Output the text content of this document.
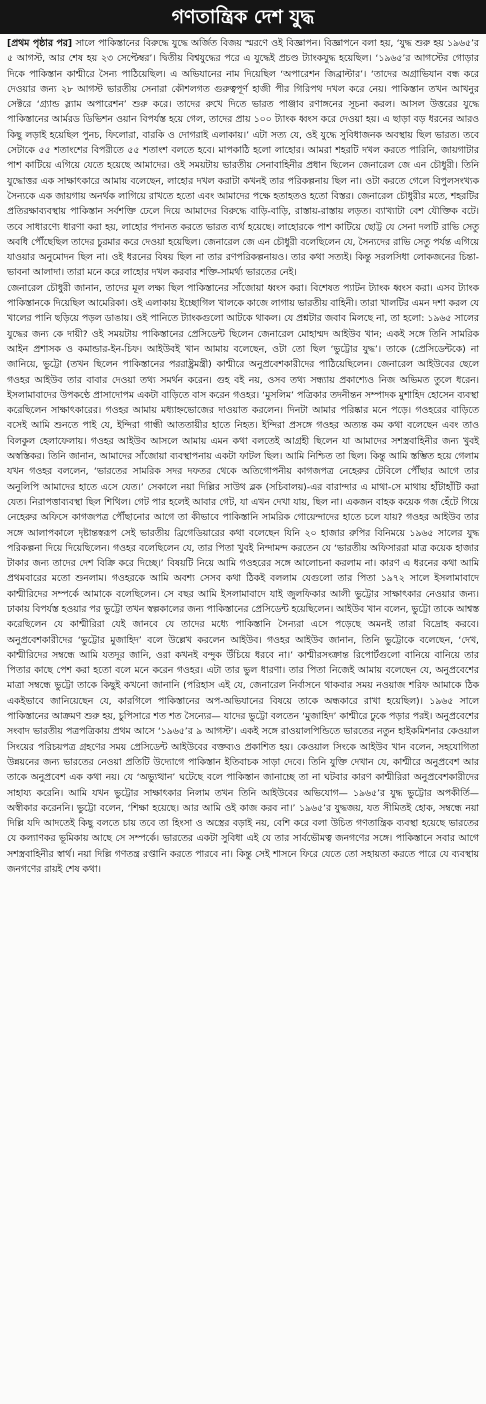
গণতান্ত্রিক দেশ যুদ্ধ

[প্রথম পৃষ্ঠার পর] সালে পাকিস্তানের বিরুদ্ধে যুদ্ধে অর্জিত বিজয় স্মরণে ওই বিজ্ঞাপন। বিজ্ঞাপনে বলা হয়, ‘যুদ্ধ শুরু হয় ১৯৬৫’র ৫ আগস্ট, আর শেষ হয় ২৩ সেপ্টেম্বর’। দ্বিতীয় বিশ্বযুদ্ধের পরে এ যুদ্ধেই প্রচণ্ড ট্যাংকযুদ্ধ হয়েছিল। ‘১৯৬৫’র আগস্টের গোড়ার দিকে পাকিস্তান কাশ্মীরে সৈন্য পাঠিয়েছিল। এ অভিযানের নাম দিয়েছিল ‘অপারেশন জিব্রাল্টার’। ‘তাদের অগ্রাভিযান বন্ধ করে দেওয়ার জন্য ২৮ আগস্ট ভারতীয় সেনারা কৌশলগত গুরুত্বপূর্ণ হাজী পীর গিরিপথ দখল করে নেয়। পাকিস্তান তখন আখনুর সেক্টরে ‘গ্র্যান্ড স্ল্যাম অপারেশন’ শুরু করে। তাদের রুখে দিতে ভারত পাঞ্জাব রণাঙ্গনের সূচনা করল। আসল উত্তরের যুদ্ধে পাকিস্তানের আর্মরড ডিভিশন ওয়ান বিপর্যস্ত হয়ে গেল, তাদের প্রায় ১০০ ট্যাংক ধ্বংস করে দেওয়া হয়। এ ছাড়া বড় ধরনের আরও কিছু লড়াই হয়েছিল পুনচ, ফিলোরা, বারকি ও দোগরাই এলাকায়।’ এটা সত্য যে, ওই যুদ্ধে সুবিধাজনক অবস্থায় ছিল ভারত। তবে সেটাকে ৫৫ শতাংশের বিপরীতে ৫৫ শতাংশ বলতে হবে। মাপকাঠি হলো লাহোর। আমরা শহরটি দখল করতে পারিনি, জায়গাটার পাশ কাটিয়ে এগিয়ে যেতে হয়েছে আমাদের। ওই সময়টায় ভারতীয় সেনাবাহিনীর প্রধান ছিলেন জেনারেল জে এন চৌধুরী। তিনি যুদ্ধোত্তর এক সাক্ষাৎকারে আমায় বলেছেন, লাহোর দখল করাটা কখনই তার পরিকল্পনায় ছিল না। ওটা করতে গেলে বিপুলসংখ্যক সৈন্যকে এক জায়গায় অনর্থক লাগিয়ে রাখতে হতো এবং আমাদের পক্ষে হতাহতও হতো বিস্তর। জেনারেল চৌধুরীর মতে, শহরটির প্রতিরক্ষাব্যবস্থায় পাকিস্তান সর্বশক্তি ঢেলে দিয়ে আমাদের বিরুদ্ধে বাড়ি-বাড়ি, রাস্তায়-রাস্তায় লড়ত। ব্যাখ্যাটা বেশ যৌক্তিক বটে। তবে সাধারণ্যে ধারণা করা হয়, লাহোর পদানত করতে ভারত ব্যর্থ হয়েছে। লাহোরকে পাশ কাটিয়ে ছোট্ট যে সেনা দলটি রাভি সেতু অবধি পৌঁছেছিল তাদের চুরমার করে দেওয়া হয়েছিল। জেনারেল জে এন চৌধুরী বলেছিলেন যে, সৈন্যদের রাভি সেতু পর্যন্ত এগিয়ে যাওয়ার অনুমোদন ছিল না। ওই ধরনের বিষয় ছিল না তার রণপরিকল্পনায়ও। তার কথা সত্যই। কিন্তু সরলসিধা লোকজনের চিন্তা-ভাবনা আলাদা। তারা মনে করে লাহোর দখল করবার শক্তি-সামর্থ্য ভারতের নেই।

জেনারেল চৌধুরী জানান, তাদের মূল লক্ষ্য ছিল পাকিস্তানের সাঁজোয়া ধ্বংস করা। বিশেষত প্যাটন ট্যাংক ধ্বংস করা। এসব ট্যাংক পাকিস্তানকে দিয়েছিল আমেরিকা। ওই এলাকায় ইচ্ছোগিল খালকে কাজে লাগায় ভারতীয় বাহিনী। তারা খালটির এমন দশা করল যে খালের পানি ছড়িয়ে পড়ল ডাঙায়। ওই পানিতে ট্যাংকগুলো আটকে থাকল। যে প্রশ্নটার জবাব মিলছে না, তা হলো: ১৯৬৫ সালের যুদ্ধের জন্য কে দায়ী? ওই সময়টায় পাকিস্তানের প্রেসিডেন্ট ছিলেন জেনারেল মোহাম্মদ আইউব খান; একই সঙ্গে তিনি সামরিক আইন প্রশাসক ও কমান্ডার-ইন-চিফ। আইউবই খান আমায় বলেছেন, ওটা তো ছিল ‘ভুট্টোর যুদ্ধ’। তাকে (প্রেসিডেন্টকে) না জানিয়ে, ভুট্টো (তখন ছিলেন পাকিস্তানের পররাষ্ট্রমন্ত্রী) কাশ্মীরে অনুপ্রবেশকারীদের পাঠিয়েছিলেন। জেনারেল আইউবের ছেলে গওহর আইউব তার বাবার দেওয়া তথ্য সমর্থন করেন। গুহ বই নয়, ওসব তথ্য সন্ধ্যায় প্রকাশ্যেও নিজ অভিমত তুলে ধরেন। ইসলামাবাদের উপকণ্ঠে প্রাসাদোপম একটা বাড়িতে বাস করেন গওহর। ‘মুসলিম’ পত্রিকার তদনীন্তন সম্পাদক মুশাহিদ হোসেন ব্যবস্থা করেছিলেন সাক্ষাৎকারের। গওহর আমায় মধ্যাহ্নভোজের দাওয়াত করলেন। দিনটা আমার পরিষ্কার মনে পড়ে। গওহরের বাড়িতে বসেই আমি শুনতে পাই যে, ইন্দিরা গান্ধী আততায়ীর হাতে নিহত। ইন্দিরা প্রসঙ্গে গওহর অত্যন্ত কম কথা বলেছেন এবং তাও বিলকুল হেলাফেলায়। গওহর আইউব আসলে আমায় এমন কথা বলতেই আগ্রহী ছিলেন যা আমাদের সশস্ত্রবাহিনীর জন্য খুবই অস্বস্তিকর। তিনি জানান, আমাদের সাঁজোয়া ব্যবস্থাপনায় একটা ফাটল ছিল। আমি নিশ্চিত তা ছিল। কিন্তু আমি স্তম্ভিত হয়ে গেলাম যখন গওহর বললেন, ‘ভারতের সামরিক সদর দফতর থেকে অতিগোপনীয় কাগজপত্র নেহেরুর টেবিলে পৌঁছার আগে তার অনুলিপি আমাদের হাতে এসে যেত।’ সেকালে নয়া দিল্লির সাউথ ব্লক (সচিবালয়)-এর বারান্দার এ মাথা-সে মাথায় হাঁটাহাঁটি করা যেত। নিরাপত্তাব্যবস্থা ছিল শিথিল। গেট পার হলেই আবার গেট, যা এখন দেখা যায়, ছিল না। একজন বাহক কয়েক গজ হেঁটে গিয়ে নেহেরুর অফিসে কাগজপত্র পৌঁছানোর আগে তা কীভাবে পাকিস্তানি সামরিক গোয়েন্দাদের হাতে চলে যায়? গওহর আইউব তার সঙ্গে আলাপকালে দৃষ্টান্তস্বরূপ সেই ভারতীয় ব্রিগেডিয়ারের কথা বলেছেন যিনি ২০ হাজার রুপির বিনিময়ে ১৯৬৫ সালের যুদ্ধ পরিকল্পনা দিয়ে দিয়েছিলেন। গওহর বলেছিলেন যে, তার পিতা খুবই নিন্দামন্দ করতেন যে ‘ভারতীয় অফিসাররা মাত্র কয়েক হাজার টাকার জন্য তাদের দেশ বিক্রি করে দিচ্ছে।’ বিষয়টি নিয়ে আমি গওহরের সঙ্গে আলোচনা করলাম না। কারণ এ ধরনের কথা আমি প্রথমবারের মতো শুনলাম। গওহরকে আমি অবশ্য সেসব কথা ঠিকই বললাম যেগুলো তার পিতা ১৯৭২ সালে ইসলামাবাদে কাশ্মীরিদের সম্পর্কে আমাকে বলেছিলেন। সে বছর আমি ইসলামাবাদে যাই জুলফিকার আলী ভুট্টোর সাক্ষাৎকার নেওয়ার জন্য। ঢাকায় বিপর্যস্ত হওয়ার পর ভুট্টো তখন স্বল্পকালের জন্য পাকিস্তানের প্রেসিডেন্ট হয়েছিলেন। আইউব খান বলেন, ভুট্টো তাকে আশ্বস্ত করেছিলেন যে কাশ্মীরিরা যেই জানবে যে তাদের মধ্যে পাকিস্তানি সৈন্যরা এসে পড়েছে অমনই তারা বিদ্রোহ করবে। অনুপ্রবেশকারীদের ‘ভুট্টোর মুজাহিদ’ বলে উল্লেখ করলেন আইউব। গওহর আইউব জানান, তিনি ভুট্টোকে বলেছেন, ‘দেখ, কাশ্মীরিদের সম্বন্ধে আমি যতদূর জানি, ওরা কখনই বন্দুক উঁচিয়ে ধরবে না।’ কাশ্মীরসংক্রান্ত রিপোর্টগুলো বানিয়ে বানিয়ে তার পিতার কাছে পেশ করা হতো বলে মনে করেন গওহর। এটা তার ভুল ধারণা। তার পিতা নিজেই আমায় বলেছেন যে, অনুপ্রবেশের মাত্রা সম্বন্ধে ভুট্টো তাকে কিছুই কখনো জানানি (পরিহাস এই যে, জেনারেল নির্বাসনে থাকবার সময় নওয়াজ শরিফ আমাকে ঠিক একইভাবে জানিয়েছেন যে, কারগিলে পাকিস্তানের অপ-অভিযানের বিষয়ে তাকে অন্ধকারে রাখা হয়েছিল)। ১৯৬৫ সালে পাকিস্তানের আক্রমণ শুরু হয়, চুপিসারে শত শত সৈন্যের— যাদের ভুট্টো বলতেন ‘মুজাহিদ’ কাশ্মীরে ঢুকে পড়ার পরই। অনুপ্রবেশের সংবাদ ভারতীয় পত্রপত্রিকায় প্রথম আসে ‘১৯৬৫’র ৯ আগস্ট’। একই সঙ্গে রাওয়ালপিন্ডিতে ভারতের নতুন হাইকমিশনার কেওয়াল সিংয়ের পরিচয়পত্র গ্রহণের সময় প্রেসিডেন্ট আইউবের বক্তব্যও প্রকাশিত হয়। কেওয়াল সিংকে আইউব খান বলেন, সহযোগিতা উন্নয়নের জন্য ভারতের নেওয়া প্রতিটি উদ্যোগে পাকিস্তান ইতিবাচক সাড়া দেবে। তিনি যুক্তি দেখান যে, কাশ্মীরে অনুপ্রবেশ আর তাকে অনুপ্রবেশ এক কথা নয়। যে ‘অভ্যুত্থান’ ঘটেছে বলে পাকিস্তান জানাচ্ছে তা না ঘটবার কারণ কাশ্মীরিরা অনুপ্রবেশকারীদের সাহায্য করেনি। আমি যখন ভুট্টোর সাক্ষাৎকার নিলাম তখন তিনি আইউবের অভিযোগ— ১৯৬৫’র যুদ্ধ ভুট্টোর অপকীর্তি— অস্বীকার করেননি। ভুট্টো বলেন, ‘শিক্ষা হয়েছে। আর আমি ওই কাজ করব না।’ ১৯৬৫’র যুদ্ধজয়, যত সীমিতই হোক, সম্বন্ধে নয়া দিল্লি যদি আদতেই কিছু বলতে চায় তবে তা হিংসা ও অস্ত্রের বড়াই নয়, বেশি করে বলা উচিত গণতান্ত্রিক ব্যবস্থা হয়েছে ভারতের যে কল্যাণকর ভূমিকায় আছে সে সম্পর্কে। ভারতের একটা সুবিধা এই যে তার সার্বভৌমত্ব জনগণের সঙ্গে। পাকিস্তানে সবার আগে সশস্ত্রবাহিনীর স্বার্থ। নয়া দিল্লি গণতন্ত্র রপ্তানি করতে পারবে না। কিন্তু সেই শাসনে ফিরে যেতে তো সহায়তা করতে পারে যে ব্যবস্থায় জনগণের রায়ই শেষ কথা।
